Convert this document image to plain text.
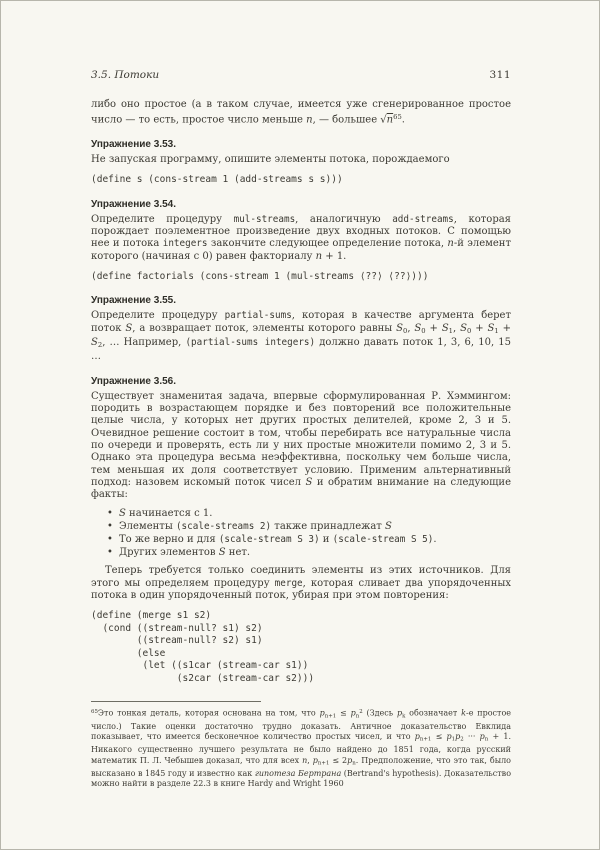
3.5. Потоки	311

либо оно простое (а в таком случае, имеется уже сгенерированное простое число — то есть, простое число меньше n, — большее $√n^{65}$.

Упражнение 3.53.

Не запуская программу, опишите элементы потока, порождаемого

(define s (cons-stream 1 (add-streams s s)))
Упражнение 3.54.

Определите процедуру mul-streams, аналогичную add-streams, которая порождает поэлементное произведение двух входных потоков. С помощью нее и потока integers закончите следующее определение потока, n-й элемент которого (начиная с 0) равен факториалу n + 1.

(define factorials (cons-stream 1 (mul-streams ⟨??⟩ ⟨??⟩)))
Упражнение 3.55.

Определите процедуру partial-sums, которая в качестве аргумента берет поток S, а возвращает поток, элементы которого равны $S_0$, $S_0 + S_1$, $S_0 + S_1 + S_2$, … Например, (partial-sums integers) должно давать поток 1, 3, 6, 10, 15 …

Упражнение 3.56.

Существует знаменитая задача, впервые сформулированная Р. Хэммингом: породить в возрастающем порядке и без повторений все положительные целые числа, у которых нет других простых делителей, кроме 2, 3 и 5. Очевидное решение состоит в том, чтобы перебирать все натуральные числа по очереди и проверять, есть ли у них простые множители помимо 2, 3 и 5. Однако эта процедура весьма неэффективна, поскольку чем больше числа, тем меньшая их доля соответствует условию. Применим альтернативный подход: назовем искомый поток чисел S и обратим внимание на следующие факты:

• S начинается с 1.
• Элементы (scale-streams 2) также принадлежат S
• То же верно и для (scale-stream S 3) и (scale-stream S 5).
• Других элементов S нет.

Теперь требуется только соединить элементы из этих источников. Для этого мы определяем процедуру merge, которая сливает два упорядоченных потока в один упорядоченный поток, убирая при этом повторения:

(define (merge s1 s2)
(cond ((stream-null? s1) s2)
((stream-null? s2) s1)
(else
(let ((s1car (stream-car s1))
(s2car (stream-car s2)))

$^{65}$Это тонкая деталь, которая основана на том, что $p_{n+1} \le p_n^2$ (Здесь $p_k$ обозначает k-е простое число.) Такие оценки достаточно трудно доказать. Античное доказательство Евклида показывает, что имеется бесконечное количество простых чисел, и что $p_{n+1} \le p_1p_2$ ··· $p_n + 1$. Никакого существенно лучшего результата не было найдено до 1851 года, когда русский математик П. Л. Чебышев доказал, что для всех n, $p_{n+1} \le 2p_n$. Предположение, что это так, было высказано в 1845 году и известно как гипотеза Бертрана (Bertrand's hypothesis). Доказательство можно найти в разделе 22.3 в книге Hardy and Wright 1960
